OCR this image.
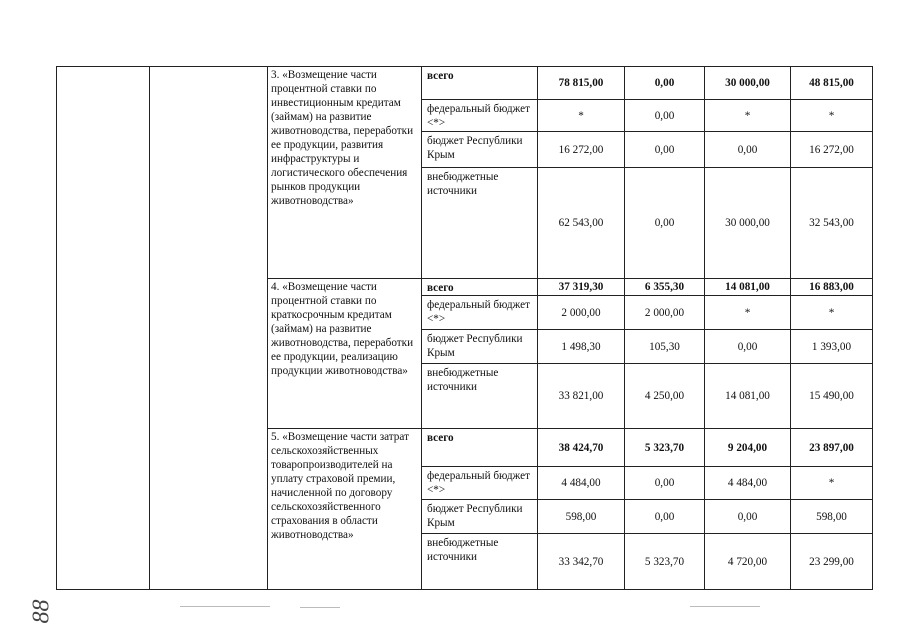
		3. «Возмещение части процентной ставки по инвестиционным кредитам (займам) на развитие животноводства, переработки ее продукции, развития инфраструктуры и логистического обеспечения рынков продукции животноводства»	всего	78 815,00	0,00	30 000,00	48 815,00
			федеральный бюджет <*>	*	0,00	*	*
			бюджет Республики Крым	16 272,00	0,00	0,00	16 272,00
			внебюджетные источники	62 543,00	0,00	30 000,00	32 543,00
		4. «Возмещение части процентной ставки по краткосрочным кредитам (займам) на развитие животноводства, переработки ее продукции, реализацию продукции животноводства»	всего	37 319,30	6 355,30	14 081,00	16 883,00
			федеральный бюджет <*>	2 000,00	2 000,00	*	*
			бюджет Республики Крым	1 498,30	105,30	0,00	1 393,00
			внебюджетные источники	33 821,00	4 250,00	14 081,00	15 490,00
		5. «Возмещение части затрат сельскохозяйственных товаропроизводителей на уплату страховой премии, начисленной по договору сельскохозяйственного страхования в области животноводства»	всего	38 424,70	5 323,70	9 204,00	23 897,00
			федеральный бюджет <*>	4 484,00	0,00	4 484,00	*
			бюджет Республики Крым	598,00	0,00	0,00	598,00
			внебюджетные источники	33 342,70	5 323,70	4 720,00	23 299,00
88
